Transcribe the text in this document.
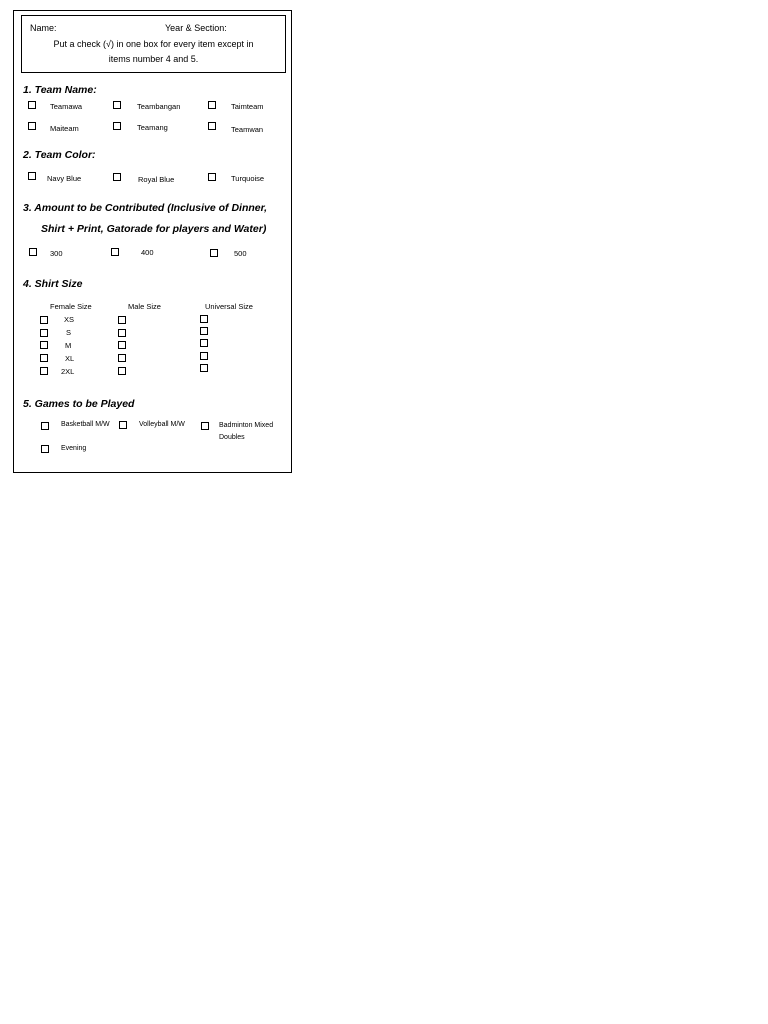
Name:	Year & Section:
Put a check (√) in one box for every item except in
items number 4 and 5.
1. Team Name:
Teamawa	Teambangan	Taimteam
Maiteam	Teamang	Teamwan
2. Team Color:
Navy Blue	Royal Blue	Turquoise
3. Amount to be Contributed (Inclusive of Dinner,
Shirt + Print, Gatorade for players and Water)
300	400	500
4. Shirt Size
Female Size	Male Size	Universal Size
XS
S
M
XL
2XL
5. Games to be Played
Basketball M/W	Volleyball M/W	Badminton Mixed
Doubles
Evening
